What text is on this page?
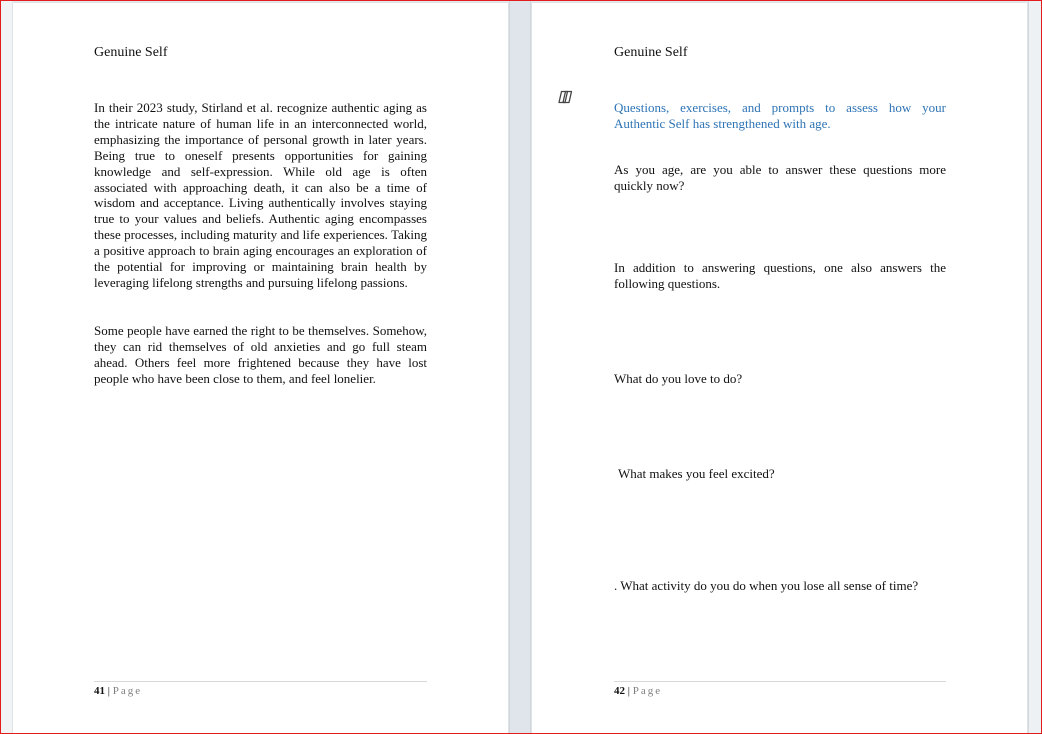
Genuine Self

In their 2023 study, Stirland et al. recognize authentic aging as the intricate nature of human life in an interconnected world, emphasizing the importance of personal growth in later years. Being true to oneself presents opportunities for gaining knowledge and self-expression. While old age is often associated with approaching death, it can also be a time of wisdom and acceptance. Living authentically involves staying true to your values and beliefs. Authentic aging encompasses these processes, including maturity and life experiences. Taking a positive approach to brain aging encourages an exploration of the potential for improving or maintaining brain health by leveraging lifelong strengths and pursuing lifelong passions.

Some people have earned the right to be themselves. Somehow, they can rid themselves of old anxieties and go full steam ahead. Others feel more frightened because they have lost people who have been close to them, and feel lonelier.

41 | Page
Genuine Self

Questions, exercises, and prompts to assess how your Authentic Self has strengthened with age.

As you age, are you able to answer these questions more quickly now?

In addition to answering questions, one also answers the following questions.

What do you love to do?

What makes you feel excited?

. What activity do you do when you lose all sense of time?

42 | Page
